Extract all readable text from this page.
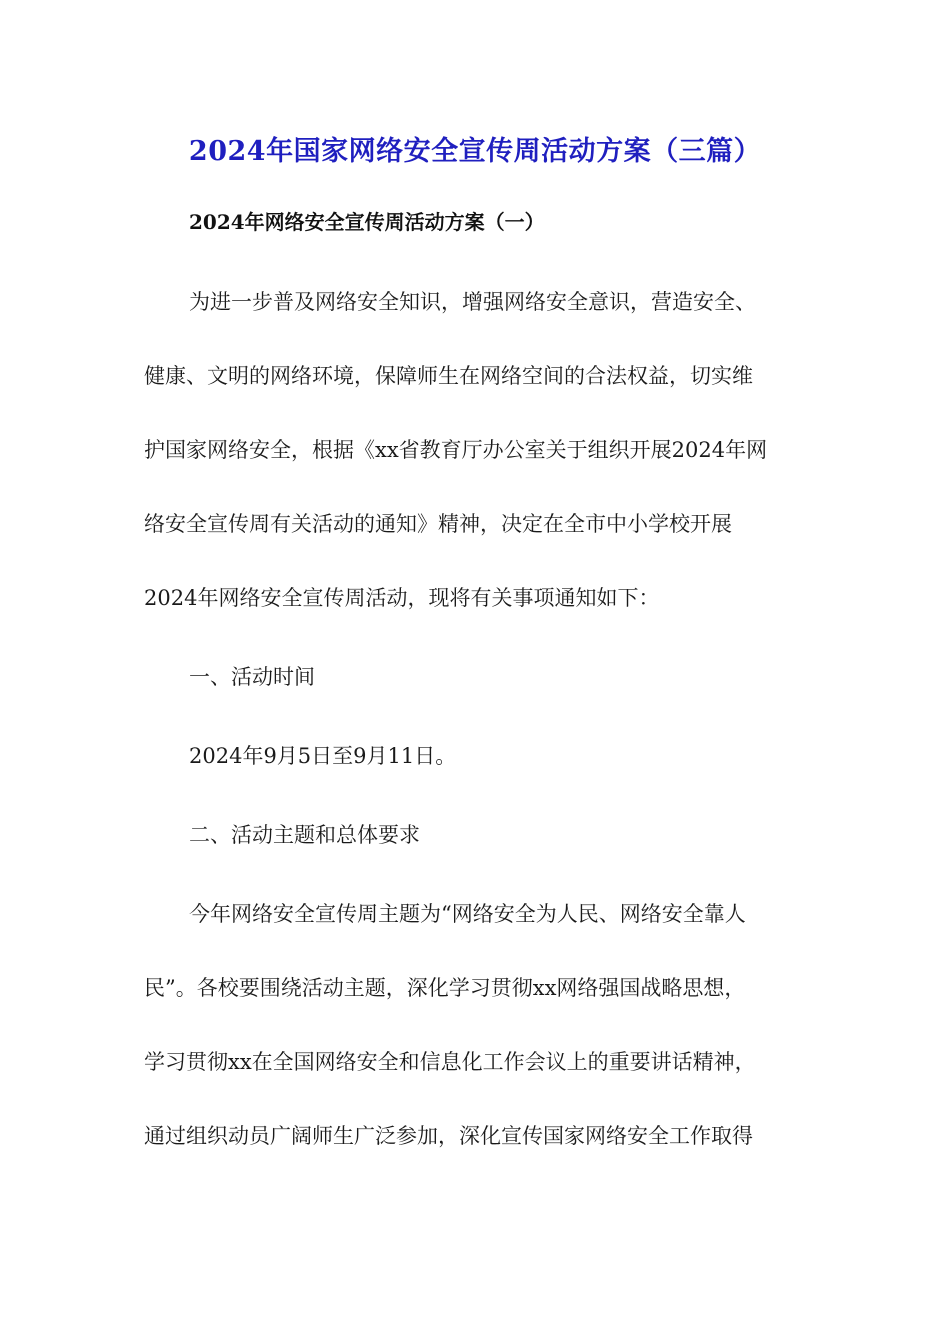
2024年国家网络安全宣传周活动方案（三篇）
2024年网络安全宣传周活动方案（一）

为进一步普及网络安全知识，增强网络安全意识，营造安全、

健康、文明的网络环境，保障师生在网络空间的合法权益，切实维

护国家网络安全，根据《xx省教育厅办公室关于组织开展2024年网

络安全宣传周有关活动的通知》精神，决定在全市中小学校开展

2024年网络安全宣传周活动，现将有关事项通知如下：

一、活动时间

2024年9月5日至9月11日。

二、活动主题和总体要求

今年网络安全宣传周主题为“网络安全为人民、网络安全靠人

民”。各校要围绕活动主题，深化学习贯彻xx网络强国战略思想，

学习贯彻xx在全国网络安全和信息化工作会议上的重要讲话精神，

通过组织动员广阔师生广泛参加，深化宣传国家网络安全工作取得
